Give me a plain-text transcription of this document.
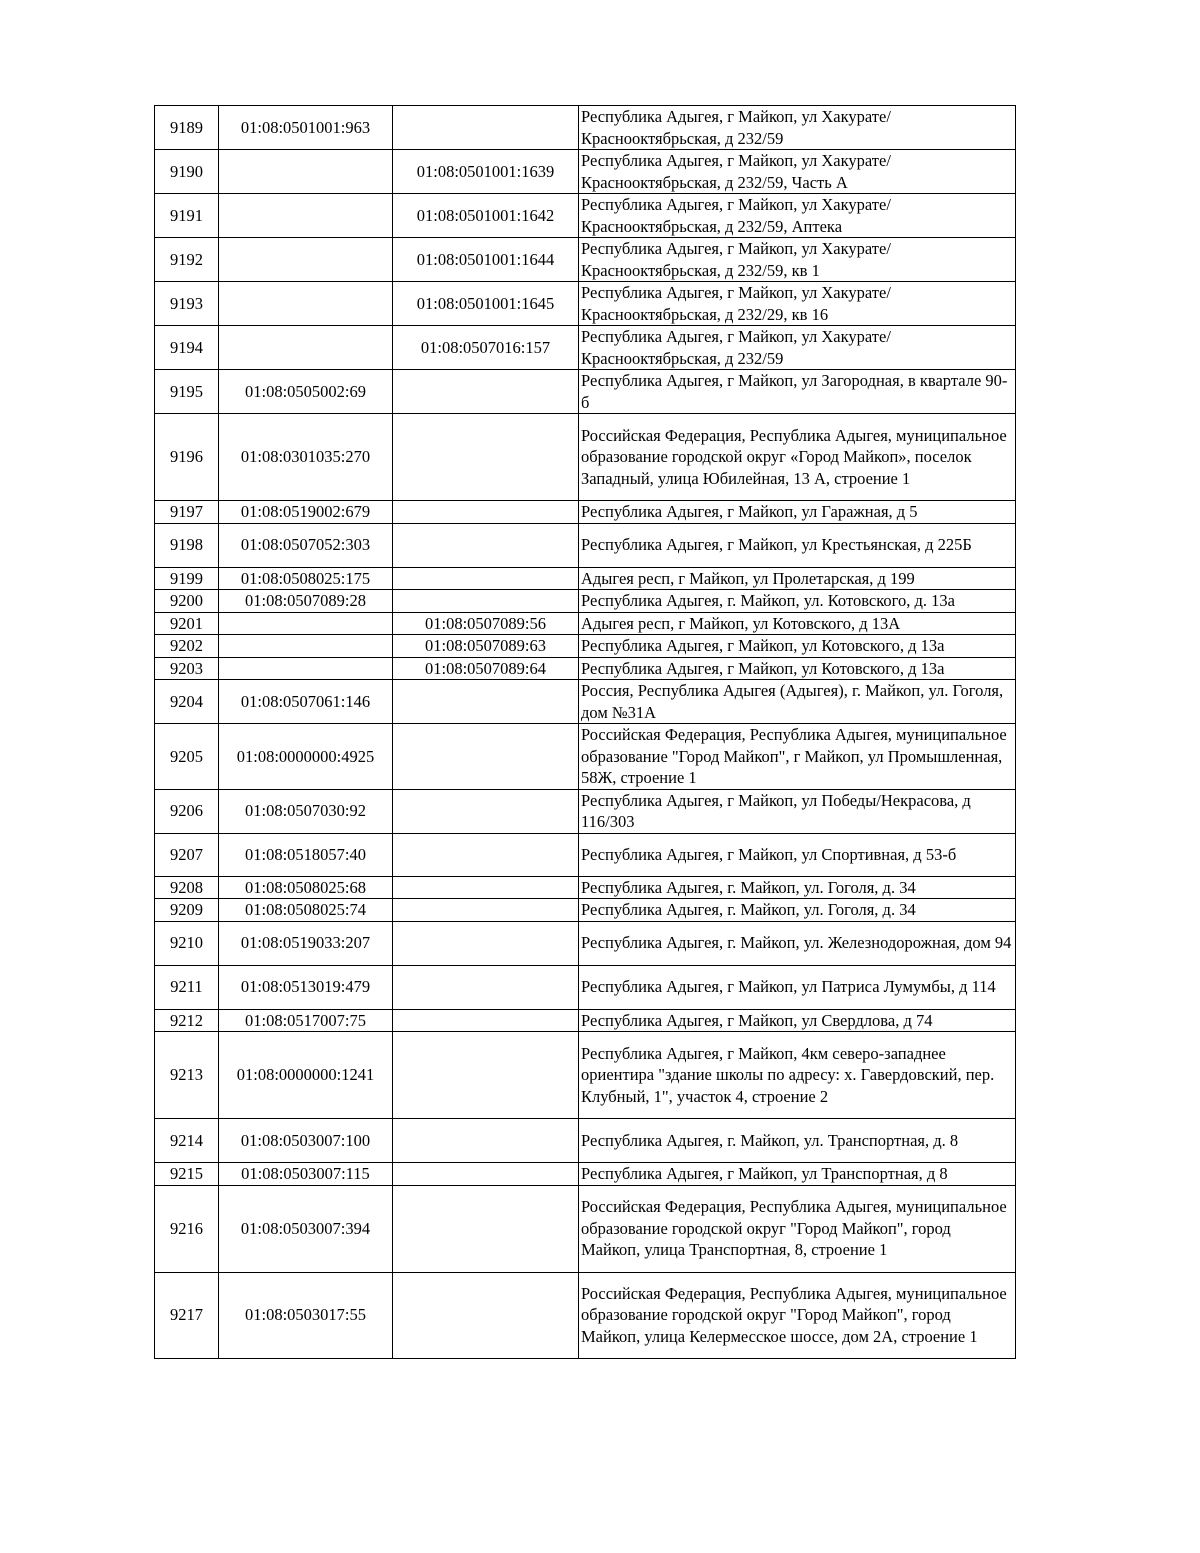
9189	01:08:0501001:963		Республика Адыгея, г Майкоп, ул Хакурате/Краснооктябрьская, д 232/59
9190		01:08:0501001:1639	Республика Адыгея, г Майкоп, ул Хакурате/Краснооктябрьская, д 232/59, Часть А
9191		01:08:0501001:1642	Республика Адыгея, г Майкоп, ул Хакурате/Краснооктябрьская, д 232/59, Аптека
9192		01:08:0501001:1644	Республика Адыгея, г Майкоп, ул Хакурате/Краснооктябрьская, д 232/59, кв 1
9193		01:08:0501001:1645	Республика Адыгея, г Майкоп, ул Хакурате/Краснооктябрьская, д 232/29, кв 16
9194		01:08:0507016:157	Республика Адыгея, г Майкоп, ул Хакурате/Краснооктябрьская, д 232/59
9195	01:08:0505002:69		Республика Адыгея, г Майкоп, ул Загородная, в квартале 90-б
9196	01:08:0301035:270		Российская Федерация, Республика Адыгея, муниципальное образование городской округ «Город Майкоп», поселок Западный, улица Юбилейная, 13 А, строение 1
9197	01:08:0519002:679		Республика Адыгея, г Майкоп, ул Гаражная, д 5
9198	01:08:0507052:303		Республика Адыгея, г Майкоп, ул Крестьянская, д 225Б
9199	01:08:0508025:175		Адыгея респ, г Майкоп, ул Пролетарская, д 199
9200	01:08:0507089:28		Республика Адыгея, г. Майкоп, ул. Котовского, д. 13а
9201		01:08:0507089:56	Адыгея респ, г Майкоп, ул Котовского, д 13А
9202		01:08:0507089:63	Республика Адыгея, г Майкоп, ул Котовского, д 13а
9203		01:08:0507089:64	Республика Адыгея, г Майкоп, ул Котовского, д 13а
9204	01:08:0507061:146		Россия, Республика Адыгея (Адыгея), г. Майкоп, ул. Гоголя, дом №31А
9205	01:08:0000000:4925		Российская Федерация, Республика Адыгея, муниципальное образование "Город Майкоп", г Майкоп, ул Промышленная, 58Ж, строение 1
9206	01:08:0507030:92		Республика Адыгея, г Майкоп, ул Победы/Некрасова, д 116/303
9207	01:08:0518057:40		Республика Адыгея, г Майкоп, ул Спортивная, д 53-б
9208	01:08:0508025:68		Республика Адыгея, г. Майкоп, ул. Гоголя, д. 34
9209	01:08:0508025:74		Республика Адыгея, г. Майкоп, ул. Гоголя, д. 34
9210	01:08:0519033:207		Республика Адыгея, г. Майкоп, ул. Железнодорожная, дом 94
9211	01:08:0513019:479		Республика Адыгея, г Майкоп, ул Патриса Лумумбы, д 114
9212	01:08:0517007:75		Республика Адыгея, г Майкоп, ул Свердлова, д 74
9213	01:08:0000000:1241		Республика Адыгея, г Майкоп, 4км северо-западнее ориентира "здание школы по адресу: х. Гавердовский, пер. Клубный, 1", участок 4, строение 2
9214	01:08:0503007:100		Республика Адыгея, г. Майкоп, ул. Транспортная, д. 8
9215	01:08:0503007:115		Республика Адыгея, г Майкоп, ул Транспортная, д 8
9216	01:08:0503007:394		Российская Федерация, Республика Адыгея, муниципальное образование городской округ "Город Майкоп", город Майкоп, улица Транспортная, 8, строение 1
9217	01:08:0503017:55		Российская Федерация, Республика Адыгея, муниципальное образование городской округ "Город Майкоп", город Майкоп, улица Келермесское шоссе, дом 2А, строение 1
